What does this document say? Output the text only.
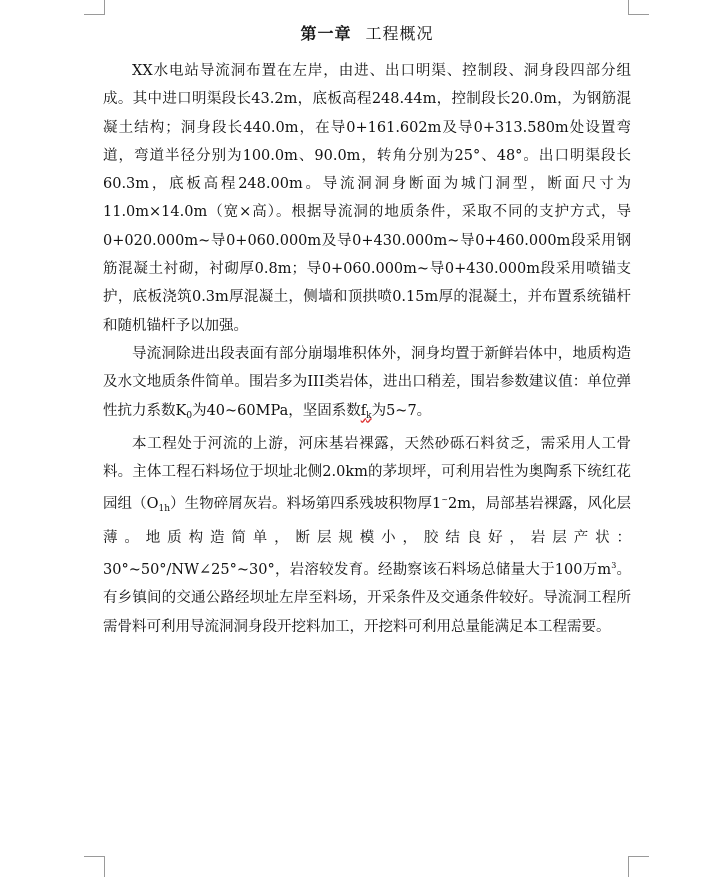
第一章 工程概况

XX水电站导流洞布置在左岸，由进、出口明渠、控制段、洞身段四部分组成。其中进口明渠段长43.2m，底板高程248.44m，控制段长20.0m，为钢筋混凝土结构；洞身段长440.0m，在导0+161.602m及导0+313.580m处设置弯道，弯道半径分别为100.0m、90.0m，转角分别为25°、48°。出口明渠段长60.3m，底板高程248.00m。导流洞洞身断面为城门洞型，断面尺寸为11.0m×14.0m（宽×高）。根据导流洞的地质条件，采取不同的支护方式，导0+020.000m~导0+060.000m及导0+430.000m~导0+460.000m段采用钢筋混凝土衬砌，衬砌厚0.8m；导0+060.000m~导0+430.000m段采用喷锚支护，底板浇筑0.3m厚混凝土，侧墙和顶拱喷0.15m厚的混凝土，并布置系统锚杆和随机锚杆予以加强。

导流洞除进出段表面有部分崩塌堆积体外，洞身均置于新鲜岩体中，地质构造及水文地质条件简单。围岩多为III类岩体，进出口稍差，围岩参数建议值：单位弹性抗力系数$K_0$为40~60MPa，坚固系数$f_k$为5~7。

本工程处于河流的上游，河床基岩裸露，天然砂砾石料贫乏，需采用人工骨料。主体工程石料场位于坝址北侧2.0km的茅坝坪，可利用岩性为奥陶系下统红花园组$(O_{1h})$生物碎屑灰岩。料场第四系残坡积物厚1~2m，局部基岩裸露，风化层薄。地质构造简单，断层规模小，胶结良好，岩层产状：30°~50°/NW∠25°~30°，岩溶较发育。经勘察该石料场总储量大于100万$m^3$。有乡镇间的交通公路经坝址左岸至料场，开采条件及交通条件较好。导流洞工程所需骨料可利用导流洞洞身段开挖料加工，开挖料可利用总量能满足本工程需要。
